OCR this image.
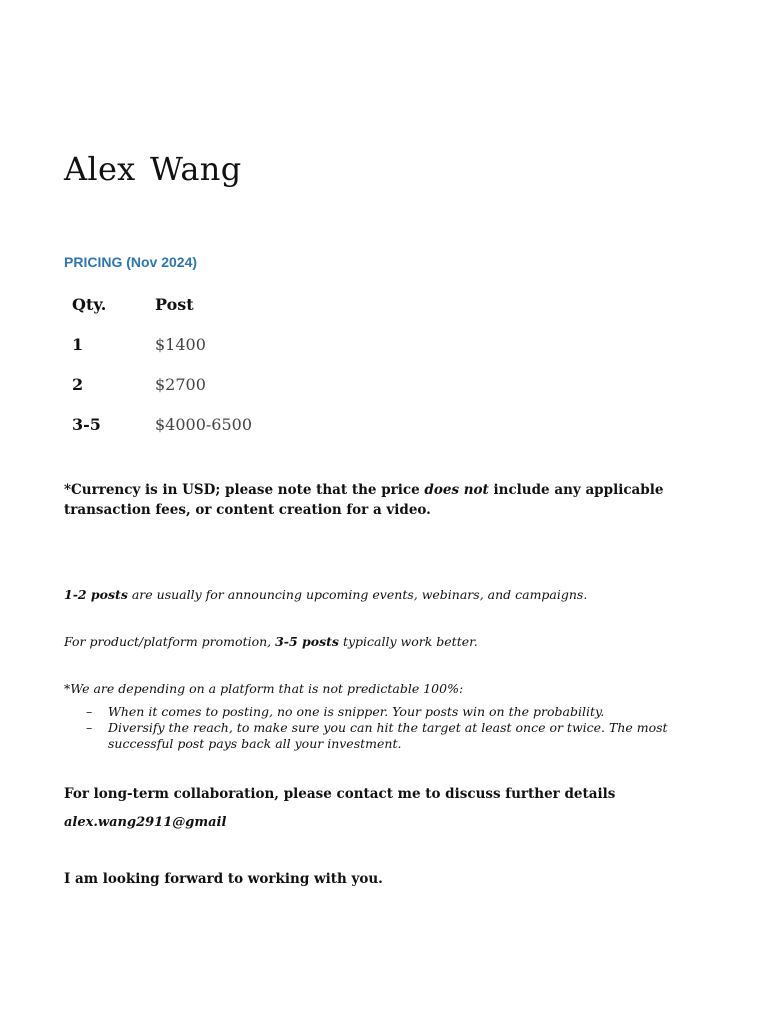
Alex Wang
PRICING (Nov 2024)
Qty.	Post
1	$1400
2	$2700
3-5	$4000-6500

*Currency is in USD; please note that the price does not include any applicable transaction fees, or content creation for a video.

1-2 posts are usually for announcing upcoming events, webinars, and campaigns.

For product/platform promotion, 3-5 posts typically work better.

*We are depending on a platform that is not predictable 100%:

– When it comes to posting, no one is snipper. Your posts win on the probability.
– Diversify the reach, to make sure you can hit the target at least once or twice. The most successful post pays back all your investment.

For long-term collaboration, please contact me to discuss further details

alex.wang2911@gmail

I am looking forward to working with you.
